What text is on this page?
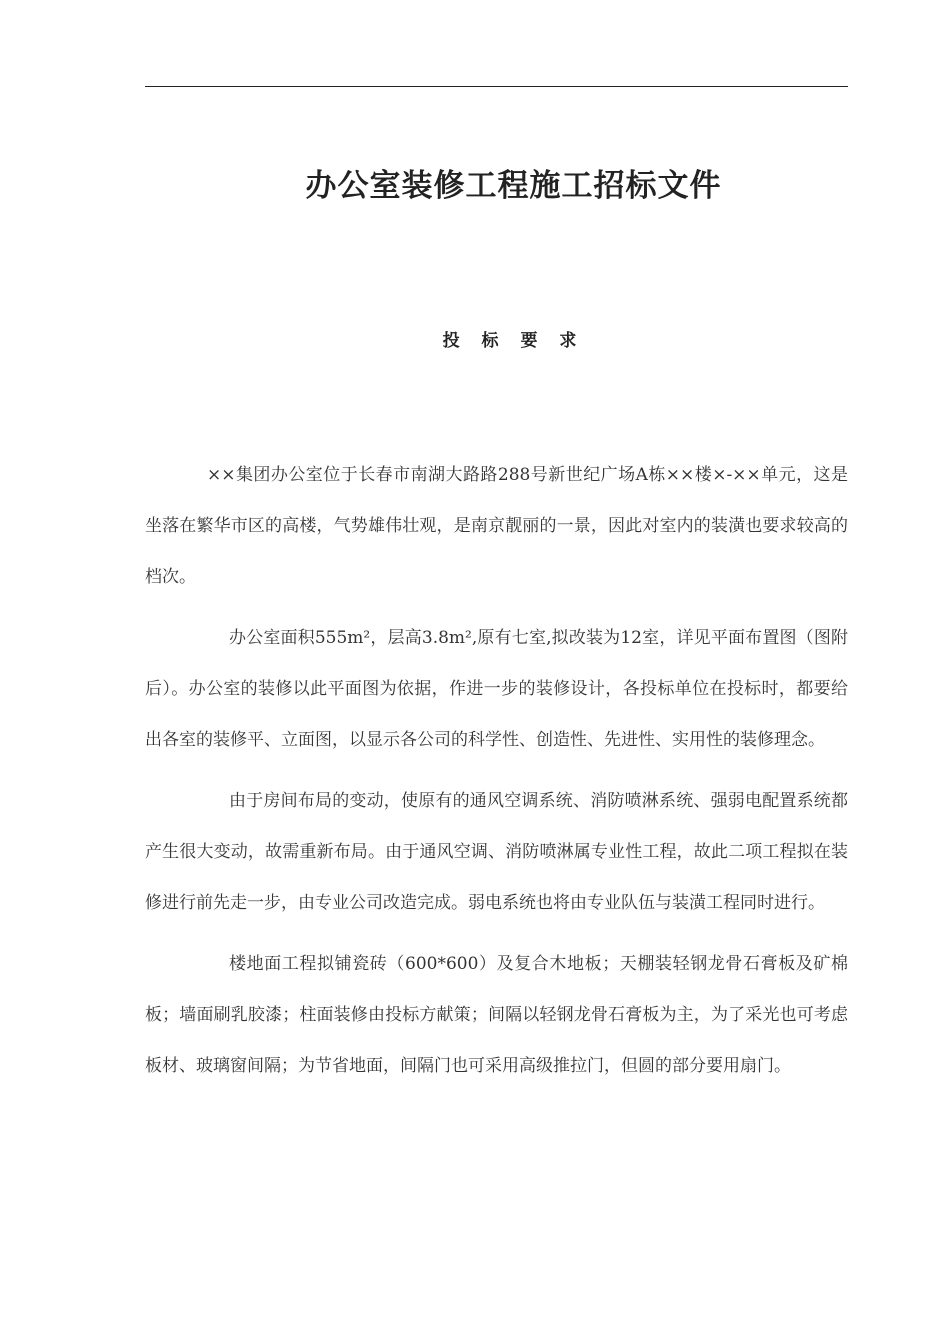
办公室装修工程施工招标文件
投 标 要 求

××集团办公室位于长春市南湖大路路288号新世纪广场A栋××楼×-××单元，这是坐落在繁华市区的高楼，气势雄伟壮观，是南京靓丽的一景，因此对室内的装潢也要求较高的档次。

办公室面积555m²，层高3.8m²,原有七室,拟改装为12室，详见平面布置图（图附后）。办公室的装修以此平面图为依据，作进一步的装修设计，各投标单位在投标时，都要给出各室的装修平、立面图，以显示各公司的科学性、创造性、先进性、实用性的装修理念。

由于房间布局的变动，使原有的通风空调系统、消防喷淋系统、强弱电配置系统都产生很大变动，故需重新布局。由于通风空调、消防喷淋属专业性工程，故此二项工程拟在装修进行前先走一步，由专业公司改造完成。弱电系统也将由专业队伍与装潢工程同时进行。

楼地面工程拟铺瓷砖（600*600）及复合木地板；天棚装轻钢龙骨石膏板及矿棉板；墙面刷乳胶漆；柱面装修由投标方献策；间隔以轻钢龙骨石膏板为主，为了采光也可考虑板材、玻璃窗间隔；为节省地面，间隔门也可采用高级推拉门，但圆的部分要用扇门。
